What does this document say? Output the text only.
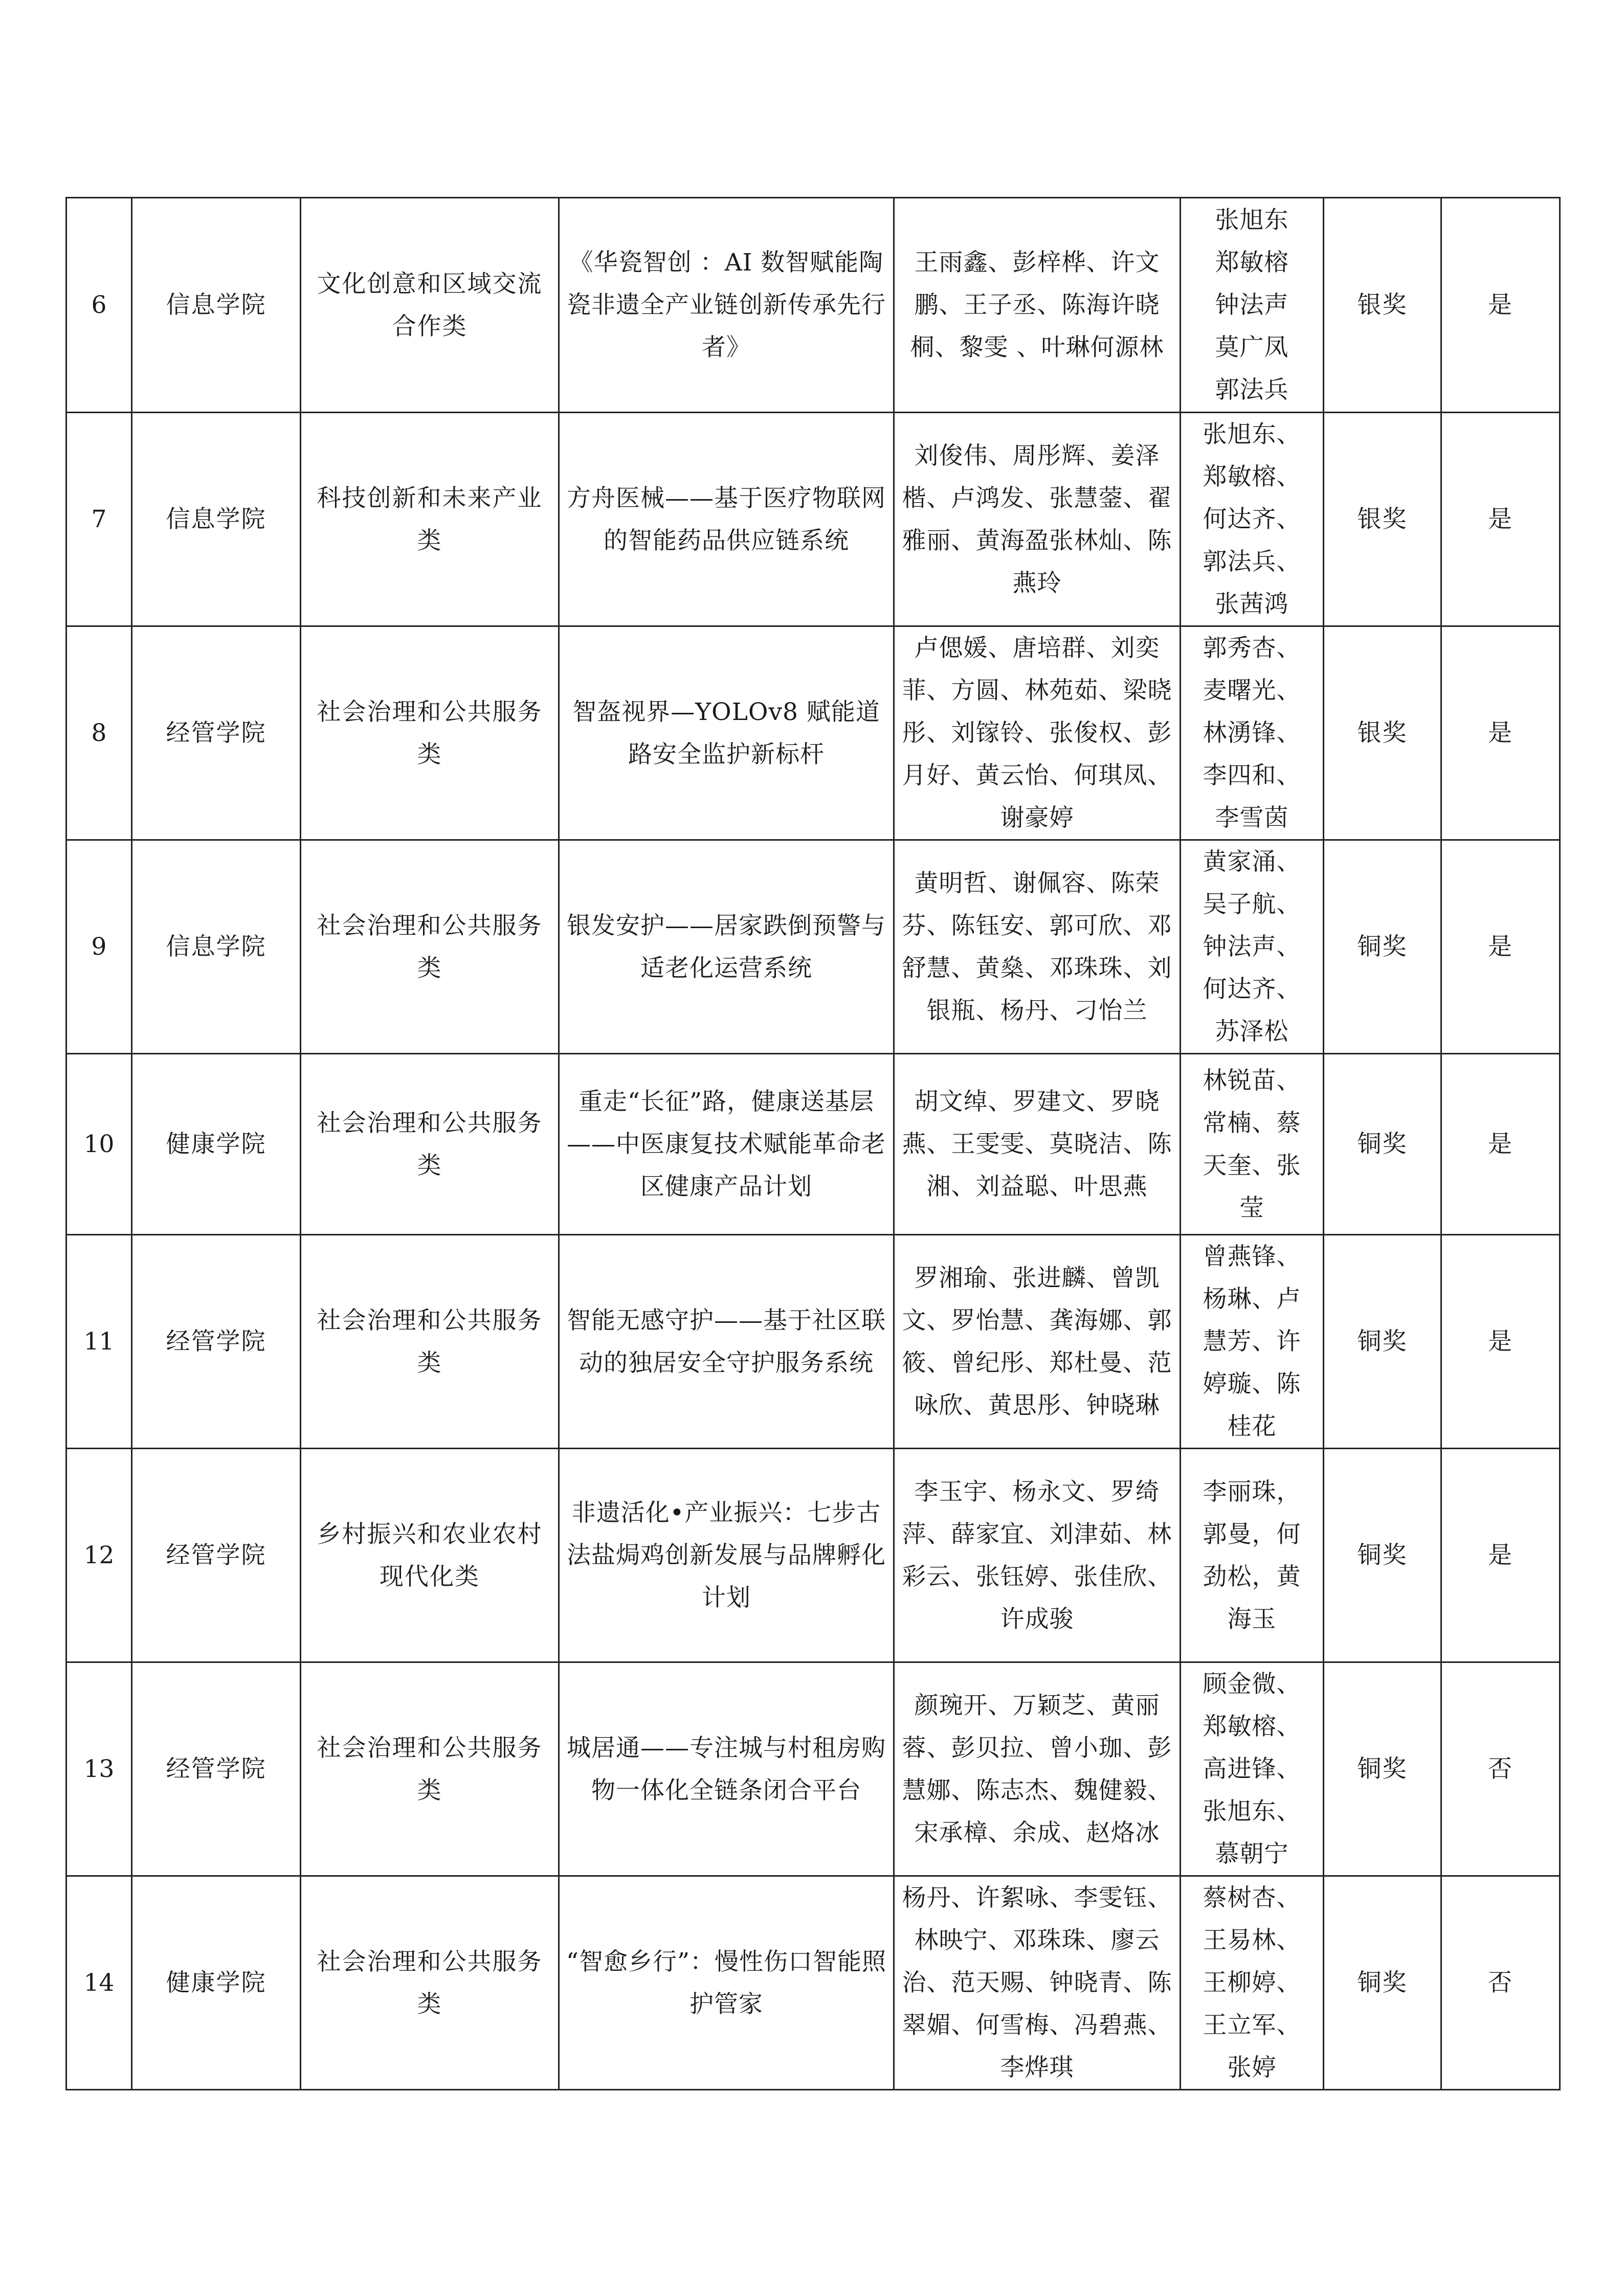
6	信息学院	文化创意和区域交流合作类	《华瓷智创 ：AI 数智赋能陶瓷非遗全产业链创新传承先行者》	王雨鑫、彭梓桦、许文鹏、王子丞、陈海许晓桐、黎雯 、叶琳何源林	张旭东
郑敏榕
钟法声
莫广凤
郭法兵	银奖	是
7	信息学院	科技创新和未来产业类	方舟医械——基于医疗物联网的智能药品供应链系统	刘俊伟、周彤辉、姜泽楷、卢鸿发、张慧蓥、翟雅丽、黄海盈张林灿、陈燕玲	张旭东、
郑敏榕、
何达齐、
郭法兵、
张茜鸿	银奖	是
8	经管学院	社会治理和公共服务类	智盔视界—YOLOv8 赋能道路安全监护新标杆	卢偲媛、唐培群、刘奕菲、方圆、林苑茹、梁晓彤、刘镓铃、张俊权、彭月好、黄云怡、何琪凤、谢豪婷	郭秀杏、
麦曙光、
林湧锋、
李四和、
李雪茵	银奖	是
9	信息学院	社会治理和公共服务类	银发安护——居家跌倒预警与适老化运营系统	黄明哲、谢佩容、陈荣芬、陈钰安、郭可欣、邓舒慧、黄燊、邓珠珠、刘银瓶、杨丹、刁怡兰	黄家涌、
吴子航、
钟法声、
何达齐、
苏泽松	铜奖	是
10	健康学院	社会治理和公共服务类	重走“长征”路，健康送基层——中医康复技术赋能革命老区健康产品计划	胡文绰、罗建文、罗晓燕、王雯雯、莫晓洁、陈湘、刘益聪、叶思燕	林锐苗、
常楠、蔡
天奎、张
莹	铜奖	是
11	经管学院	社会治理和公共服务类	智能无感守护——基于社区联动的独居安全守护服务系统	罗湘瑜、张进麟、曾凯文、罗怡慧、龚海娜、郭筱、曾纪彤、郑杜曼、范咏欣、黄思彤、钟晓琳	曾燕锋、
杨琳、卢
慧芳、许
婷璇、陈
桂花	铜奖	是
12	经管学院	乡村振兴和农业农村现代化类	非遗活化•产业振兴：七步古法盐焗鸡创新发展与品牌孵化计划	李玉宇、杨永文、罗绮萍、薛家宜、刘津茹、林彩云、张钰婷、张佳欣、许成骏	李丽珠，
郭曼，何
劲松，黄
海玉	铜奖	是
13	经管学院	社会治理和公共服务类	城居通——专注城与村租房购物一体化全链条闭合平台	颜琬开、万颖芝、黄丽蓉、彭贝拉、曾小珈、彭慧娜、陈志杰、魏健毅、宋承樟、余成、赵烙冰	顾金微、
郑敏榕、
高进锋、
张旭东、
慕朝宁	铜奖	否
14	健康学院	社会治理和公共服务类	“智愈乡行”：慢性伤口智能照护管家	杨丹、许絮咏、李雯钰、林映宁、邓珠珠、廖云治、范天赐、钟晓青、陈翠媚、何雪梅、冯碧燕、李烨琪	蔡树杏、
王易林、
王柳婷、
王立军、
张婷	铜奖	否
